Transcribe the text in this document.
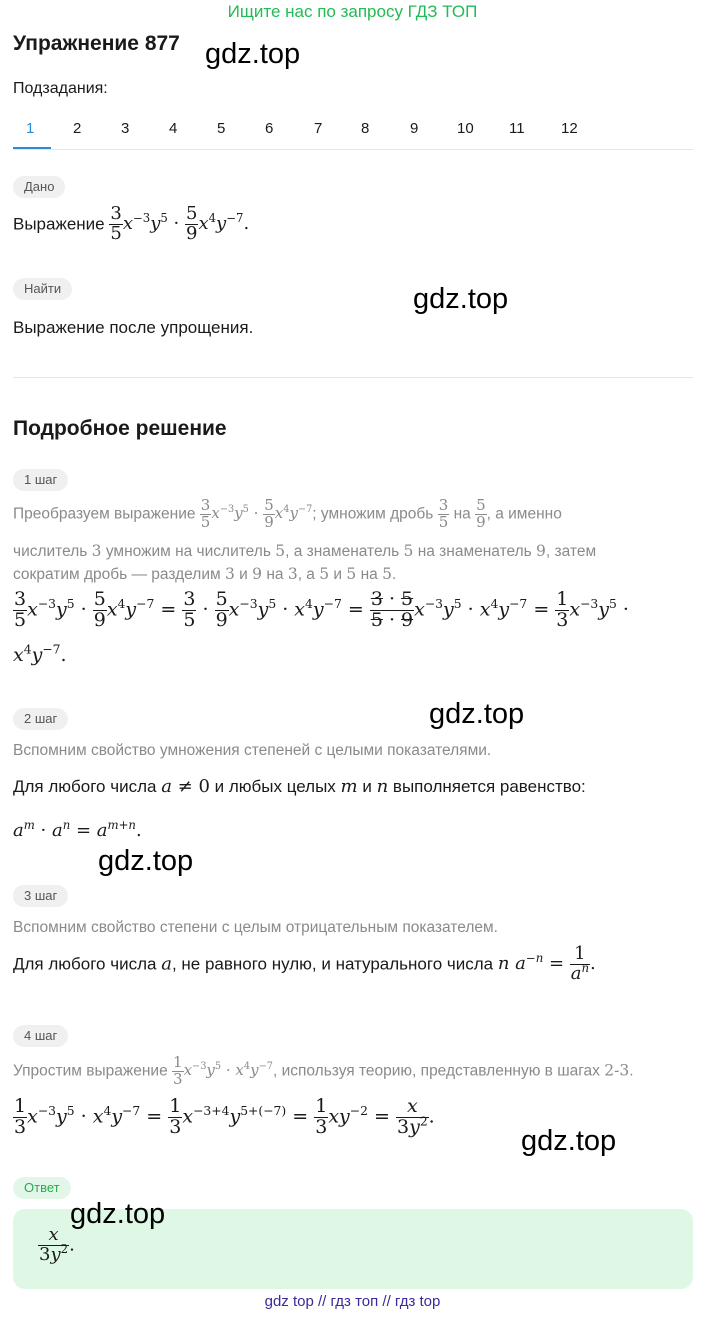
Ищите нас по запросу ГДЗ ТОП
Упражнение 877 gdz.top
Подзадания:
1	2	3	4	5	6	7	8	9	10 11 12
Дано
Выражение $\frac{3}{5} x^{-3}y^5 \cdot \frac{5}{9} x^4y^{-7}$.
Найти	gdz.top
Выражение после упрощения.
Подробное решение
1 шаг
Преобразуем выражение $\frac{3}{5} x^{-3}y^5 \cdot \frac{5}{9} x^4y^{-7}$; умножим дробь $\frac{3}{5}$ на $\frac{5}{9}$ , а именно
числитель 3 умножим на числитель 5, а знаменатель 5 на знаменатель 9, затем
сократим дробь — разделим 3 и 9 на 3, а 5 и 5 на 5.
$\frac{3}{5} x^{-3}y^5 \cdot \frac{5}{9} x^4y^{-7} = \frac{3}{5} \cdot \frac{5}{9} x^{-3}y^5 \cdot x^4y^{-7} = \frac{3 \cdot 5}{5 \cdot 9} x^{-3}y^5 \cdot x^4y^{-7} = \frac{1}{3} x^{-3}y^5$ ·
$x^4y^{-7}$.
2 шаг	gdz.top
Вспомним свойство умножения степеней с целыми показателями.
Для любого числа a ≠ 0 и любых целых m и n выполняется равенство:
$a^m \cdot a^n = a^{m+n}$.
gdz.top
3 шаг
Вспомним свойство степени с целым отрицательным показателем.
Для любого числа a, не равного нулю, и натурального числа n $a^{-n} = \frac{1}{a^n}$ .
4 шаг
Упростим выражение $\frac{1}{3} x^{-3}y^5 \cdot x^4y^{-7}$, используя теорию, представленную в шагах 2-3.
$\frac{1}{3} x^{-3}y^5 \cdot x^4y^{-7} = \frac{1}{3} x^{-3+4}y^{5+(-7)} = \frac{1}{3} xy^{-2} = \frac{x}{3y^2}$ .
gdz.top
Ответ
$\frac{x}{3y^2}$ .
gdz.top
gdz top // гдз топ // гдз top
